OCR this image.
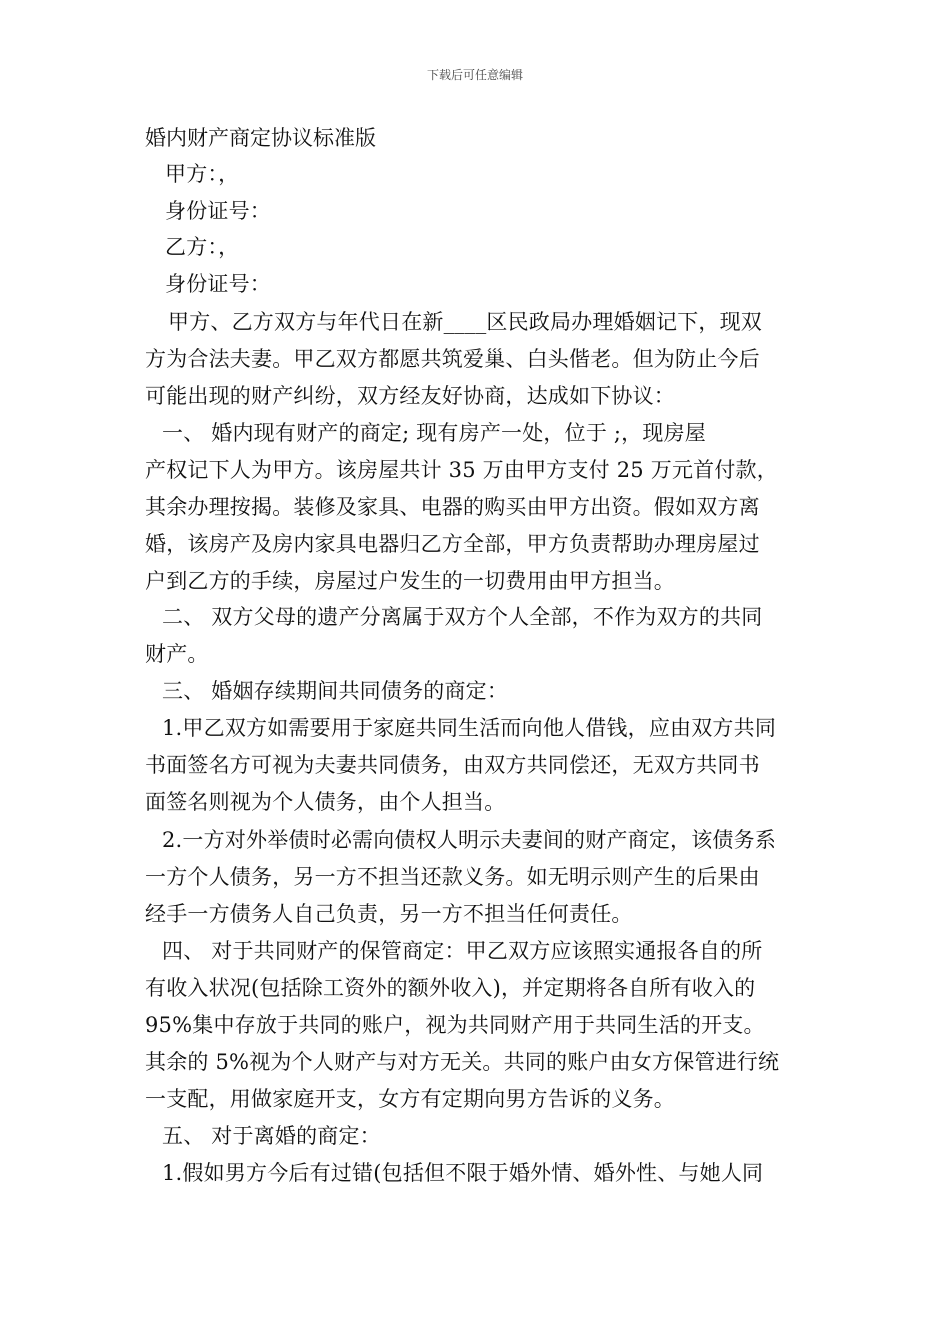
下载后可任意编辑
婚内财产商定协议标准版
甲方：，
身份证号：
乙方：，
身份证号：
甲方、乙方双方与年代日在新____区民政局办理婚姻记下，现双
方为合法夫妻。甲乙双方都愿共筑爱巢、白头偕老。但为防止今后
可能出现的财产纠纷，双方经友好协商，达成如下协议：
一、 婚内现有财产的商定; 现有房产一处，位于 ;，现房屋
产权记下人为甲方。该房屋共计 35 万由甲方支付 25 万元首付款，
其余办理按揭。装修及家具、电器的购买由甲方出资。假如双方离
婚，该房产及房内家具电器归乙方全部，甲方负责帮助办理房屋过
户到乙方的手续，房屋过户发生的一切费用由甲方担当。
二、 双方父母的遗产分离属于双方个人全部，不作为双方的共同
财产。
三、 婚姻存续期间共同债务的商定：
1.甲乙双方如需要用于家庭共同生活而向他人借钱，应由双方共同
书面签名方可视为夫妻共同债务，由双方共同偿还，无双方共同书
面签名则视为个人债务，由个人担当。
2.一方对外举债时必需向债权人明示夫妻间的财产商定，该债务系
一方个人债务，另一方不担当还款义务。如无明示则产生的后果由
经手一方债务人自己负责，另一方不担当任何责任。
四、 对于共同财产的保管商定：甲乙双方应该照实通报各自的所
有收入状况(包括除工资外的额外收入)，并定期将各自所有收入的
95%集中存放于共同的账户，视为共同财产用于共同生活的开支。
其余的 5%视为个人财产与对方无关。共同的账户由女方保管进行统
一支配，用做家庭开支，女方有定期向男方告诉的义务。
五、 对于离婚的商定：
1.假如男方今后有过错(包括但不限于婚外情、婚外性、与她人同
